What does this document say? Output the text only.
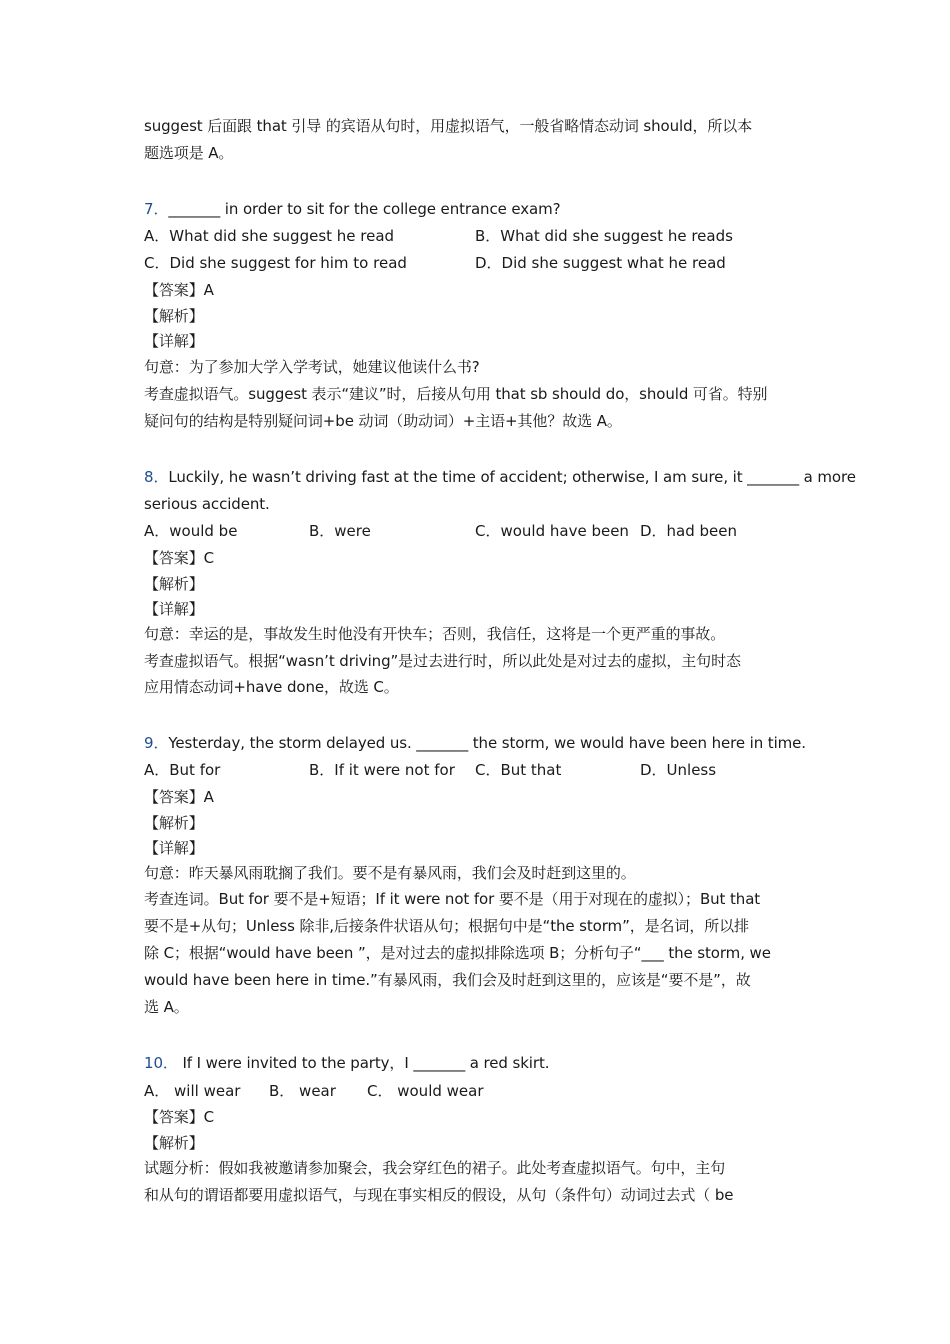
suggest 后面跟 that 引导 的宾语从句时，用虚拟语气，一般省略情态动词 should，所以本
题选项是 A。
7．_______ in order to sit for the college entrance exam?
A．What did she suggest he read	B．What did she suggest he reads
C．Did she suggest for him to read	D．Did she suggest what he read
【答案】A
【解析】
【详解】
句意：为了参加大学入学考试，她建议他读什么书?
考查虚拟语气。suggest 表示“建议”时，后接从句用 that sb should do，should 可省。特别
疑问句的结构是特别疑问词+be 动词（助动词）+主语+其他？故选 A。
8．Luckily, he wasn’t driving fast at the time of accident; otherwise, I am sure, it _______ a more
serious accident.
A．would be	B．were	C．would have been D．had been
【答案】C
【解析】
【详解】
句意：幸运的是，事故发生时他没有开快车；否则，我信任，这将是一个更严重的事故。
考查虚拟语气。根据“wasn’t driving”是过去进行时，所以此处是对过去的虚拟，主句时态
应用情态动词+have done，故选 C。
9．Yesterday, the storm delayed us. _______ the storm, we would have been here in time.
A．But for	B．If it were not for C．But that	D．Unless
【答案】A
【解析】
【详解】
句意：昨天暴风雨耽搁了我们。要不是有暴风雨，我们会及时赶到这里的。
考查连词。But for 要不是+短语；If it were not for 要不是（用于对现在的虚拟）；But that
要不是+从句；Unless 除非,后接条件状语从句；根据句中是“the storm”，是名词，所以排
除 C；根据“would have been ”，是对过去的虚拟排除选项 B；分析句子“___ the storm, we
would have been here in time.”有暴风雨，我们会及时赶到这里的，应该是“要不是”，故
选 A。
10． If I were invited to the party，I _______ a red skirt.
A． will wear B． wear C． would wear
【答案】C
【解析】
试题分析：假如我被邀请参加聚会，我会穿红色的裙子。此处考查虚拟语气。句中，主句
和从句的谓语都要用虚拟语气，与现在事实相反的假设，从句（条件句）动词过去式（ be
